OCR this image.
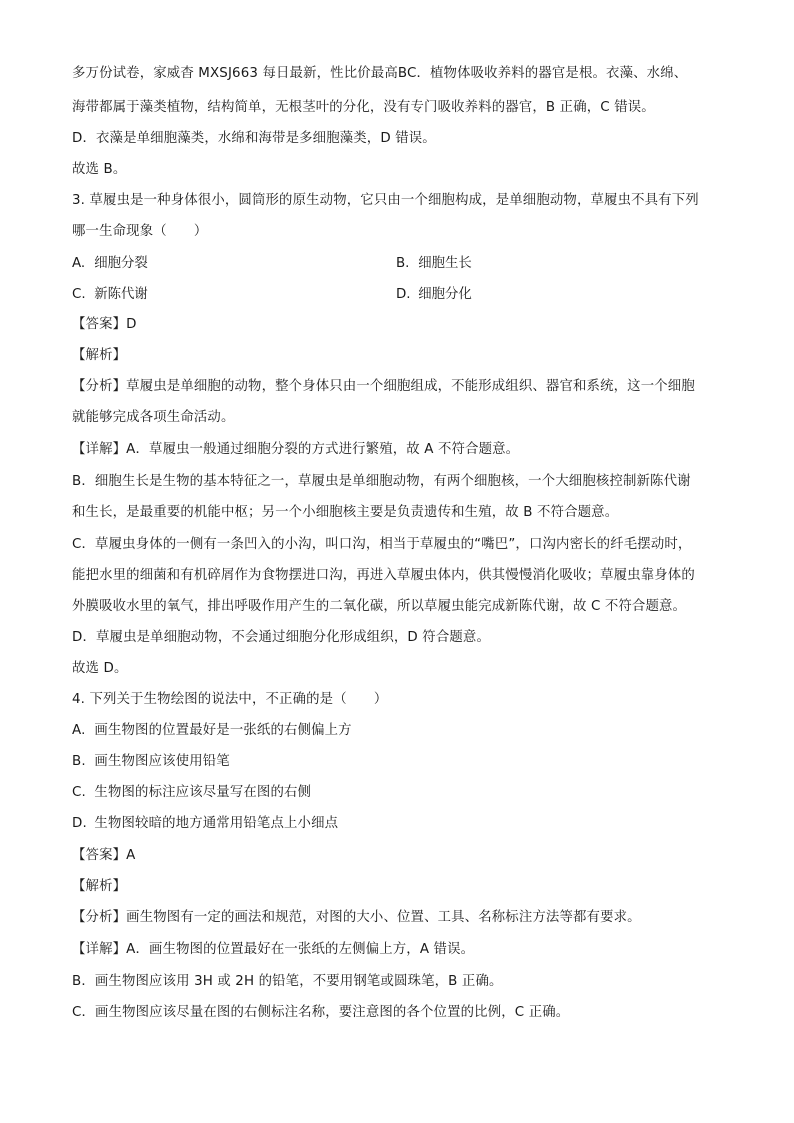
多万份试卷，家威杳 MXSJ663 每日最新，性比价最高BC．植物体吸收养料的器官是根。衣藻、水绵、
海带都属于藻类植物，结构简单，无根茎叶的分化，没有专门吸收养料的器官，B 正确，C 错误。
D．衣藻是单细胞藻类，水绵和海带是多细胞藻类，D 错误。
故选 B。
3. 草履虫是一种身体很小，圆筒形的原生动物，它只由一个细胞构成，是单细胞动物，草履虫不具有下列
哪一生命现象（　　）
A. 细胞分裂	B. 细胞生长
C. 新陈代谢	D. 细胞分化
【答案】D
【解析】
【分析】草履虫是单细胞的动物，整个身体只由一个细胞组成，不能形成组织、器官和系统，这一个细胞
就能够完成各项生命活动。
【详解】A．草履虫一般通过细胞分裂的方式进行繁殖，故 A 不符合题意。
B．细胞生长是生物的基本特征之一，草履虫是单细胞动物，有两个细胞核，一个大细胞核控制新陈代谢
和生长，是最重要的机能中枢；另一个小细胞核主要是负责遗传和生殖，故 B 不符合题意。
C．草履虫身体的一侧有一条凹入的小沟，叫口沟，相当于草履虫的“嘴巴”，口沟内密长的纤毛摆动时，
能把水里的细菌和有机碎屑作为食物摆进口沟，再进入草履虫体内，供其慢慢消化吸收；草履虫靠身体的
外膜吸收水里的氧气，排出呼吸作用产生的二氧化碳，所以草履虫能完成新陈代谢，故 C 不符合题意。
D．草履虫是单细胞动物，不会通过细胞分化形成组织，D 符合题意。
故选 D。
4. 下列关于生物绘图的说法中，不正确的是（　　）
A. 画生物图的位置最好是一张纸的右侧偏上方
B. 画生物图应该使用铅笔
C. 生物图的标注应该尽量写在图的右侧
D. 生物图较暗的地方通常用铅笔点上小细点
【答案】A
【解析】
【分析】画生物图有一定的画法和规范，对图的大小、位置、工具、名称标注方法等都有要求。
【详解】A．画生物图的位置最好在一张纸的左侧偏上方，A 错误。
B．画生物图应该用 3H 或 2H 的铅笔，不要用钢笔或圆珠笔，B 正确。
C．画生物图应该尽量在图的右侧标注名称，要注意图的各个位置的比例，C 正确。
